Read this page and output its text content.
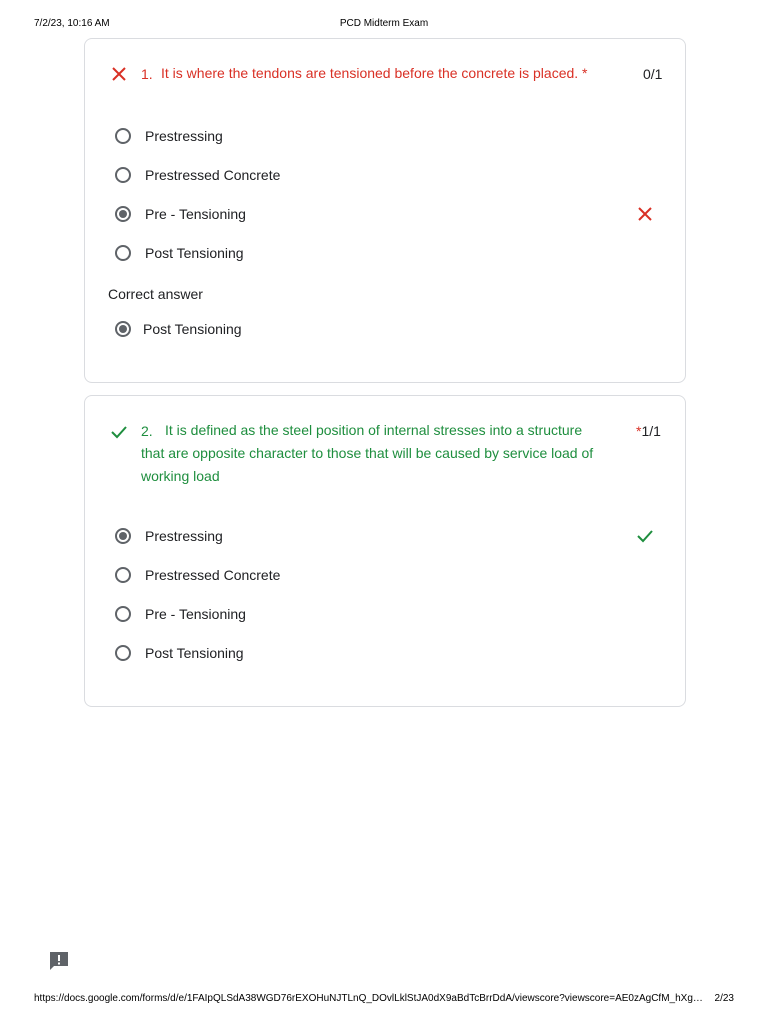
7/2/23, 10:16 AM	PCD Midterm Exam
1. It is where the tendons are tensioned before the concrete is placed. *	0/1
Prestressing
Prestressed Concrete
Pre - Tensioning
Post Tensioning
Correct answer
Post Tensioning
2. It is defined as the steel position of internal stresses into a structure
that are opposite character to those that will be caused by service load of
working load
*1/1
Prestressing
Prestressed Concrete
Pre - Tensioning
Post Tensioning
https://docs.google.com/forms/d/e/1FAIpQLSdA38WGD76rEXOHuNJTLnQ_DOvlLklStJA0dX9aBdTcBrrDdA/viewscore?viewscore=AE0zAgCfM_hXg… 2/23
